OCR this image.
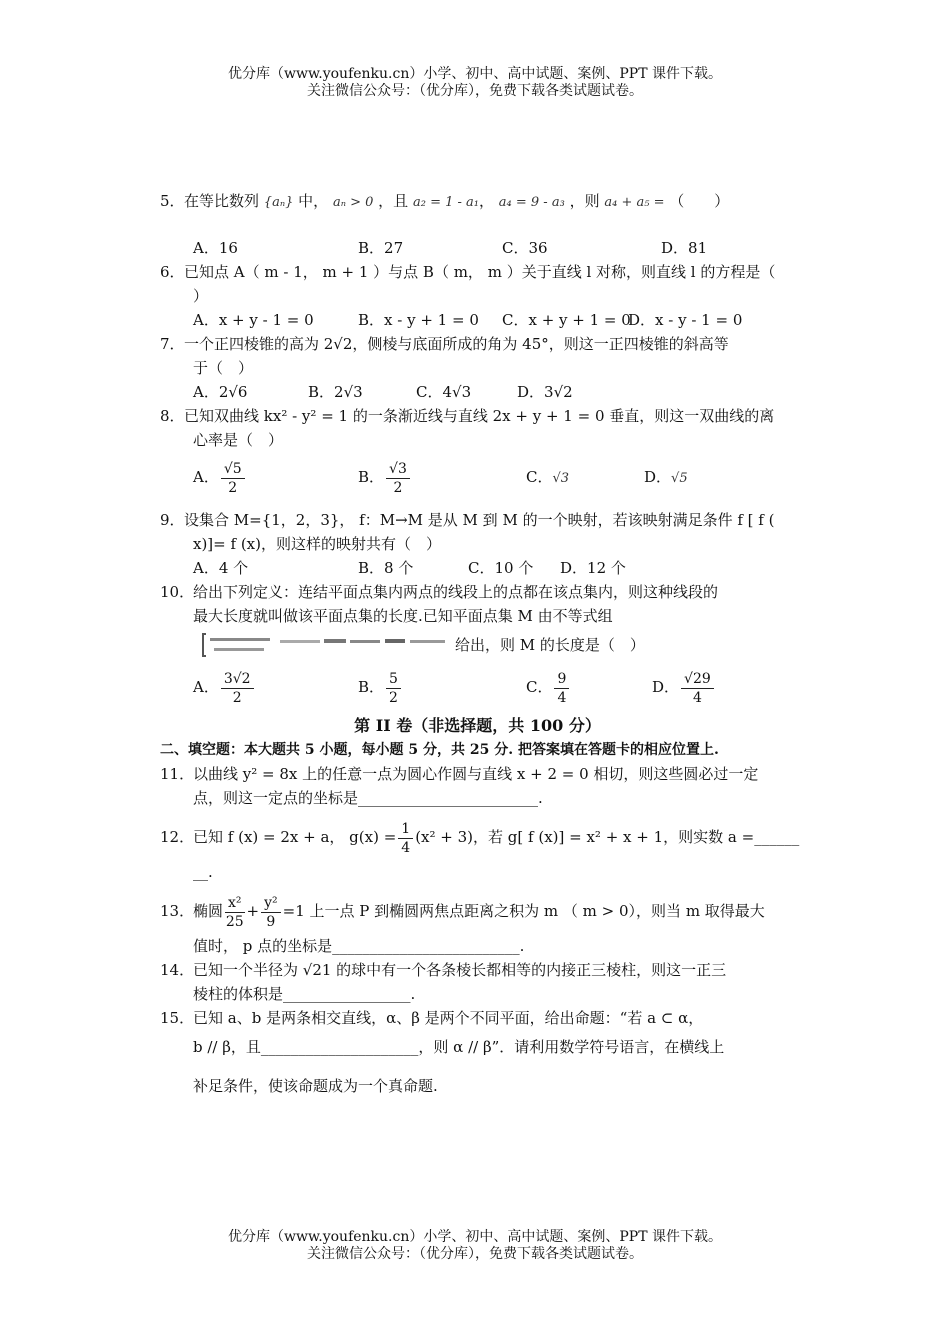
优分库（www.youfenku.cn）小学、初中、高中试题、案例、PPT 课件下载。
关注微信公众号：（优分库），免费下载各类试题试卷。
5． 在等比数列 {aₙ} 中， aₙ > 0 ，且 a₂ = 1 - a₁， a₄ = 9 - a₃ ，则 a₄ + a₅ = （　　）
A．16	B．27	C．36	D．81
6． 已知点 A（ m - 1， m + 1 ）与点 B（ m， m ）关于直线 l 对称，则直线 l 的方程是（
）
A．x + y - 1 = 0	B．x - y + 1 = 0 C．x + y + 1 = 0
D．x - y - 1 = 0
7． 一个正四棱锥的高为 2√2，侧棱与底面所成的角为 45°，则这一正四棱锥的斜高等
于（　）
A．2√6	B．2√3	C．4√3	D．3√2
8． 已知双曲线 kx² - y² = 1 的一条渐近线与直线 2x + y + 1 = 0 垂直，则这一双曲线的离
心率是（　）
A． $\frac{√5}{2}$	B． $\frac{√3}{2}$	C．√3	D．√5
9． 设集合 M={1，2，3}， f：M→M 是从 M 到 M 的一个映射，若该映射满足条件 f [ f (
x)]= f (x)，则这样的映射共有（　）
A．4 个	B．8 个	C．10 个 D．12 个
10．
给出下列定义：连结平面点集内两点的线段上的点都在该点集内，则这种线段的
最大长度就叫做该平面点集的长度.已知平面点集 M 由不等式组
给出，则 M 的长度是（　）
A． $\frac{3√2}{2}$	B． $\frac{5}{2}$	C． $\frac{9}{4}$	D． $\frac{√29}{4}$
第 II 卷（非选择题，共 100 分）
二、填空题：本大题共 5 小题，每小题 5 分，共 25 分. 把答案填在答题卡的相应位置上.
11．
以曲线 y² = 8x 上的任意一点为圆心作圆与直线 x + 2 = 0 相切，则这些圆必过一定
点，则这一定点的坐标是________________________.
12．
已知 f (x) = 2x + a， $g(x) = \frac{1}{4} (x^2 + 3)$，若 g[ f (x)] = x² + x + 1，则实数 a =______
__.
13．
椭圆 $\frac{\text{x²}}{25} + \frac{\text{y²}}{9} =1$ 上一点 P 到椭圆两焦点距离之积为 m （ m > 0），则当 m 取得最大
值时， p 点的坐标是_________________________.
14．
已知一个半径为 √21 的球中有一个各条棱长都相等的内接正三棱柱，则这一正三
棱柱的体积是_________________.
15．
已知 a、b 是两条相交直线，α、β 是两个不同平面，给出命题：“若 a ⊂ α，
b // β，且_____________________，则 α // β”．请利用数学符号语言，在横线上
补足条件，使该命题成为一个真命题.
优分库（www.youfenku.cn）小学、初中、高中试题、案例、PPT 课件下载。
关注微信公众号：（优分库），免费下载各类试题试卷。
